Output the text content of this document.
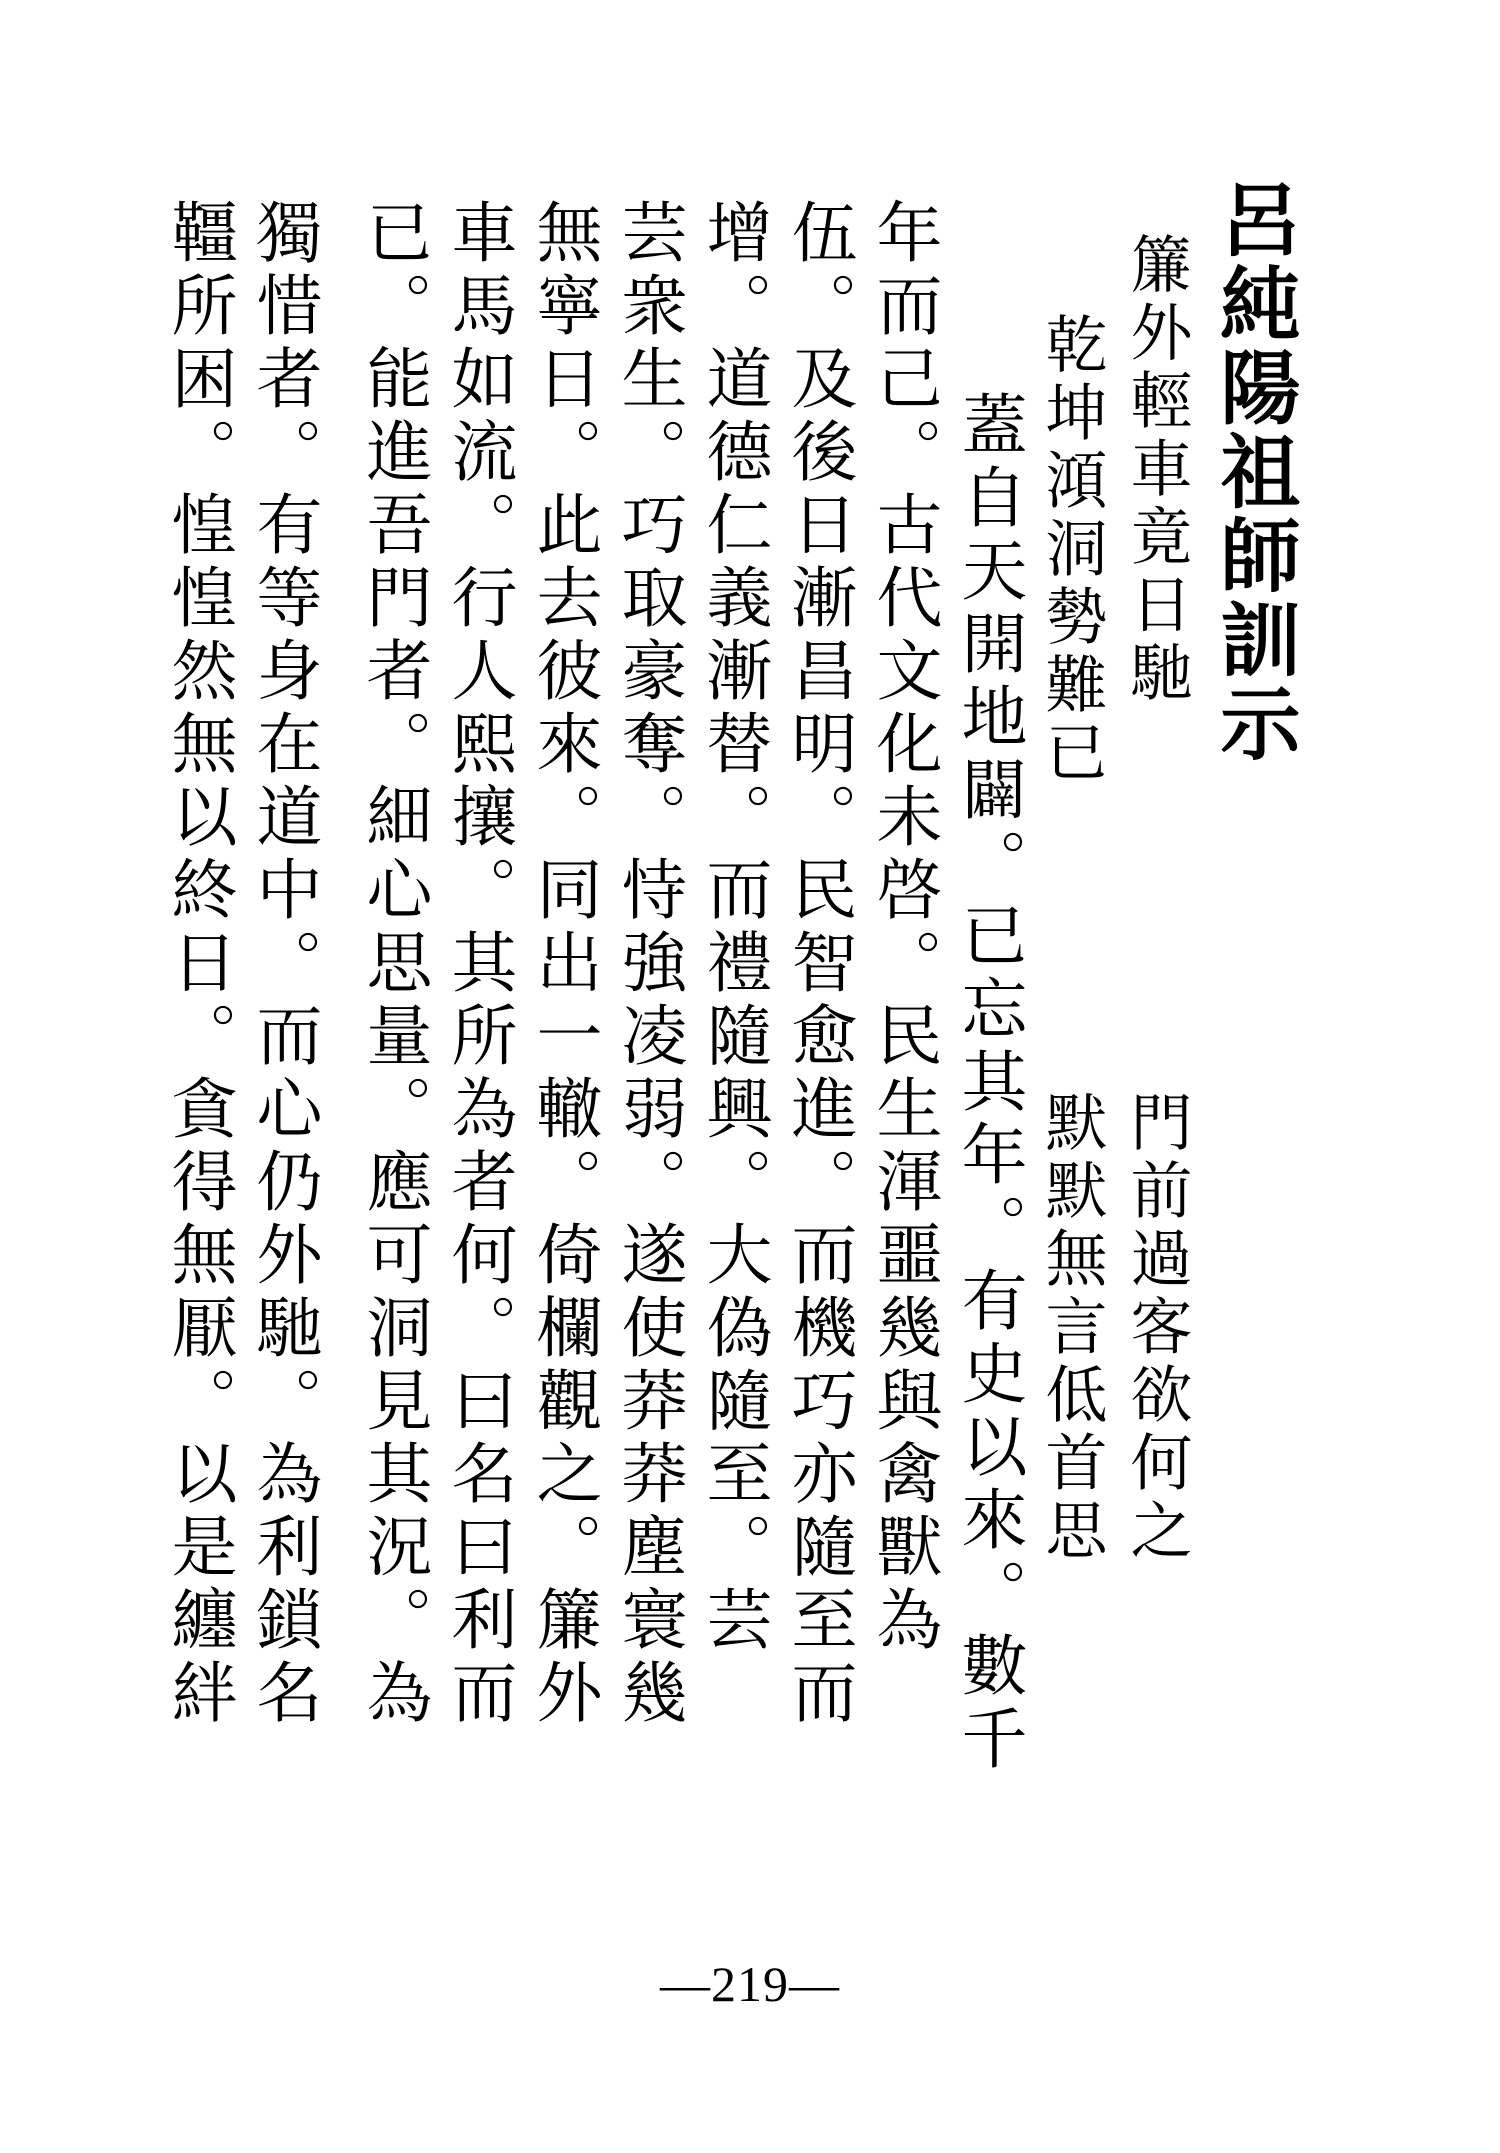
呂純陽祖師訓示
簾外輕車竟日馳
門前過客欲何之
乾坤澒洞勢難已
默默無言低首思
蓋自天開地闢。已忘其年。有史以來。數千
年而己。古代文化未啓。民生渾噩幾與禽獸為
伍。及後日漸昌明。民智愈進。而機巧亦隨至而
增。道德仁義漸替。而禮隨興。大偽隨至。芸
芸衆生。巧取豪奪。恃強凌弱。遂使莽莽塵寰幾
無寧日。此去彼來。同出一轍。倚欄觀之。簾外
車馬如流。行人熙攘。其所為者何。曰名曰利而
已。能進吾門者。細心思量。應可洞見其況。為
獨惜者。有等身在道中。而心仍外馳。為利鎖名
韁所困。惶惶然無以終日。貪得無厭。以是纏絆
—219—
